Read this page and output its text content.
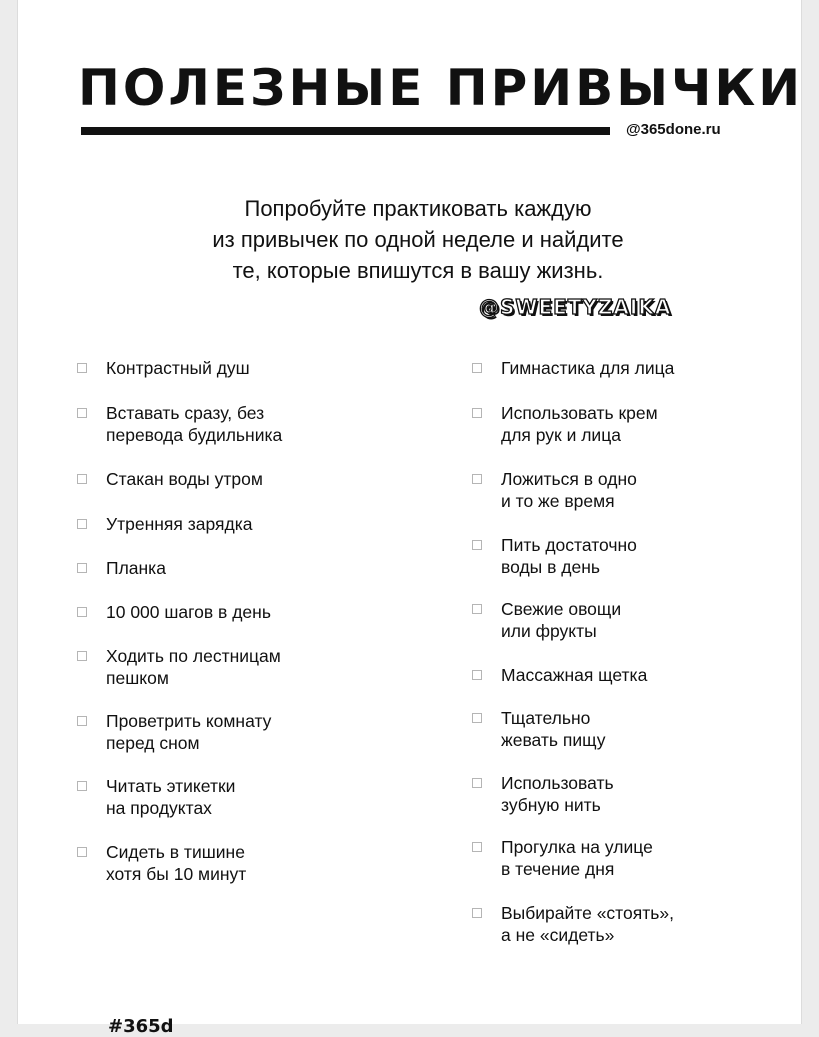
ПОЛЕЗНЫЕ ПРИВЫЧКИ
@365done.ru
Попробуйте практиковать каждую
из привычек по одной неделе и найдите
те, которые впишутся в вашу жизнь.
@SWEETYZAIKA
Контрастный душ
Вставать сразу, без
перевода будильника
Стакан воды утром
Утренняя зарядка
Планка
10 000 шагов в день
Ходить по лестницам
пешком
Проветрить комнату
перед сном
Читать этикетки
на продуктах
Сидеть в тишине
хотя бы 10 минут
Гимнастика для лица
Использовать крем
для рук и лица
Ложиться в одно
и то же время
Пить достаточно
воды в день
Свежие овощи
или фрукты
Массажная щетка
Тщательно
жевать пищу
Использовать
зубную нить
Прогулка на улице
в течение дня
Выбирайте «стоять»,
а не «сидеть»
#365d
